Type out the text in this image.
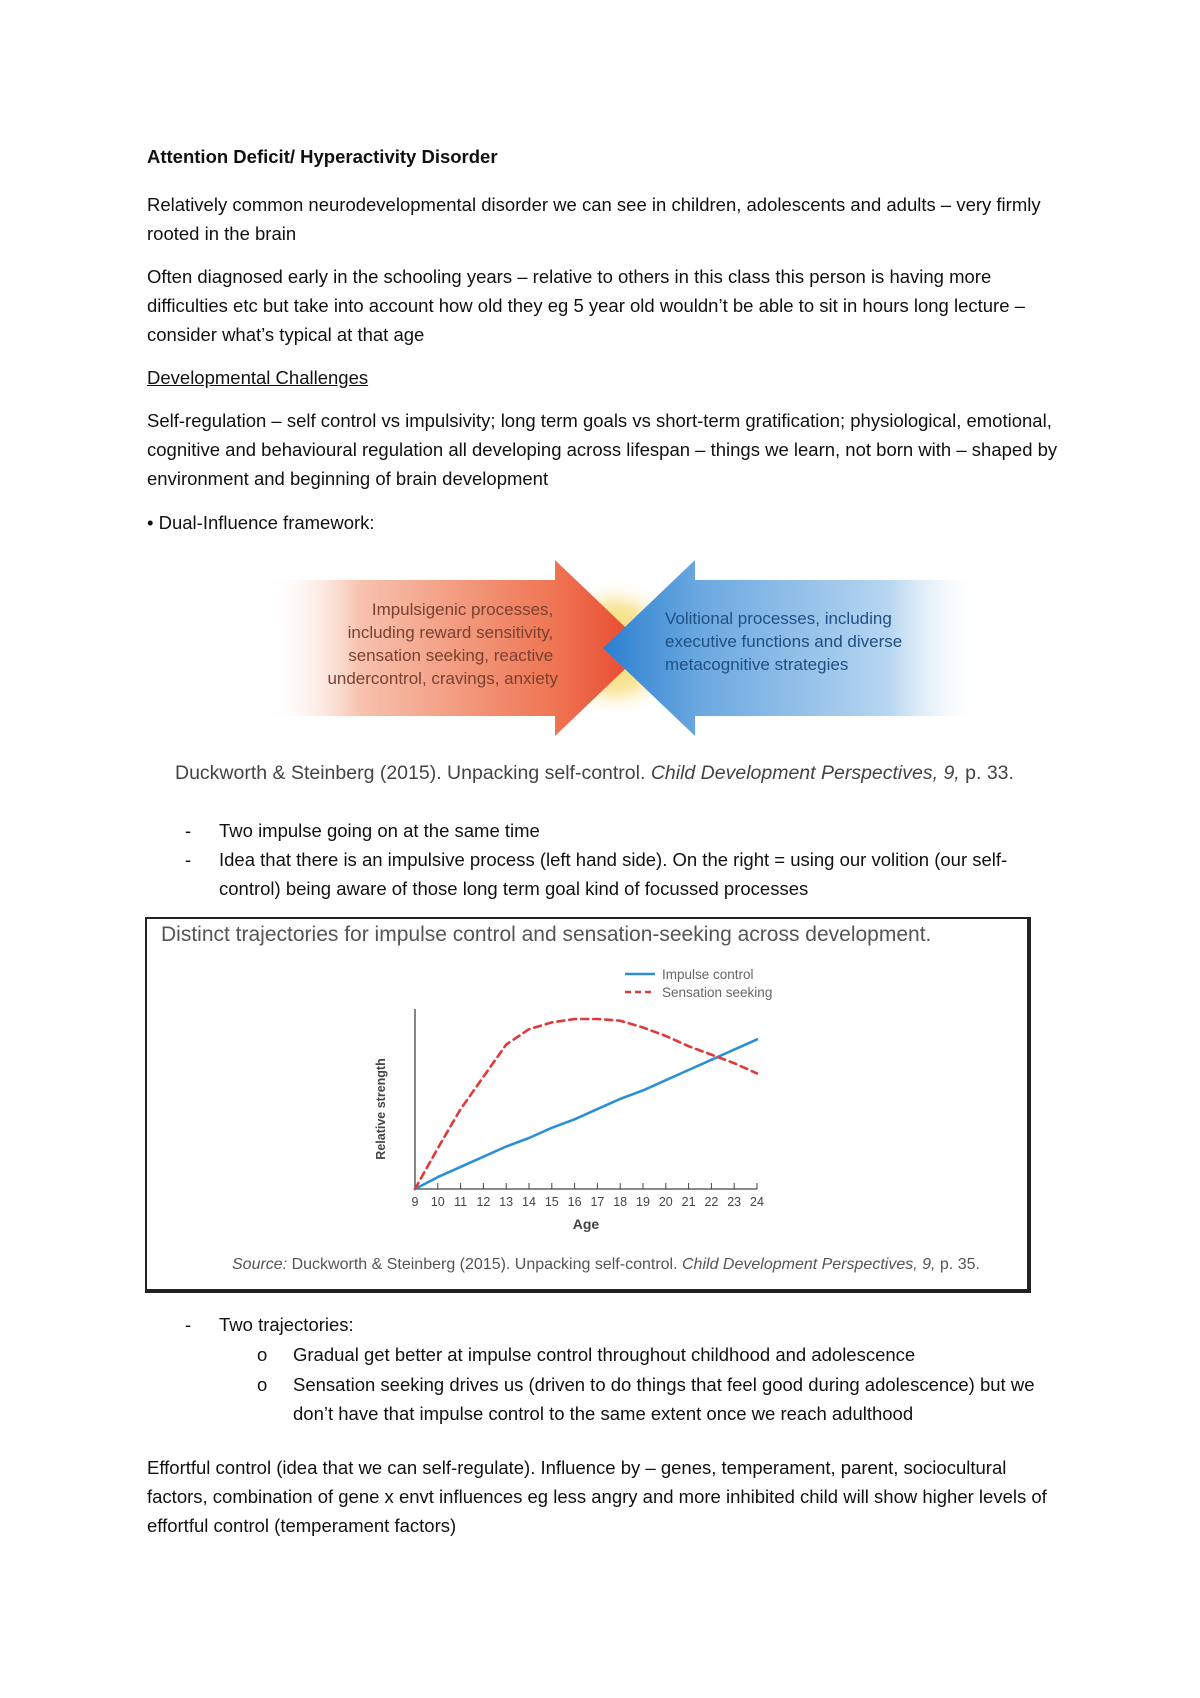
Attention Deficit/ Hyperactivity Disorder

Relatively common neurodevelopmental disorder we can see in children, adolescents and adults – very firmly rooted in the brain

Often diagnosed early in the schooling years – relative to others in this class this person is having more difficulties etc but take into account how old they eg 5 year old wouldn’t be able to sit in hours long lecture – consider what’s typical at that age

Developmental Challenges

Self-regulation – self control vs impulsivity; long term goals vs short-term gratification; physiological, emotional, cognitive and behavioural regulation all developing across lifespan – things we learn, not born with – shaped by environment and beginning of brain development

• Dual-Influence framework:
Impulsigenic processes, including reward sensitivity, sensation seeking, reactive undercontrol, cravings, anxiety
Volitional processes, including executive functions and diverse metacognitive strategies
Duckworth & Steinberg (2015). Unpacking self-control. Child Development Perspectives, 9, p. 33.
- Two impulse going on at the same time
- Idea that there is an impulsive process (left hand side). On the right = using our volition (our self-control) being aware of those long term goal kind of focussed processes
Distinct trajectories for impulse control and sensation-seeking across development.
9 10 11 12 13 14 15 16 17 18 19 20 21 22 23 24
Age
Relative strength
Impulse control
Sensation seeking
Source: Duckworth & Steinberg (2015). Unpacking self-control. Child Development Perspectives, 9, p. 35.
- Two trajectories:
o Gradual get better at impulse control throughout childhood and adolescence
o Sensation seeking drives us (driven to do things that feel good during adolescence) but we don’t have that impulse control to the same extent once we reach adulthood

Effortful control (idea that we can self-regulate). Influence by – genes, temperament, parent, sociocultural factors, combination of gene x envt influences eg less angry and more inhibited child will show higher levels of effortful control (temperament factors)
